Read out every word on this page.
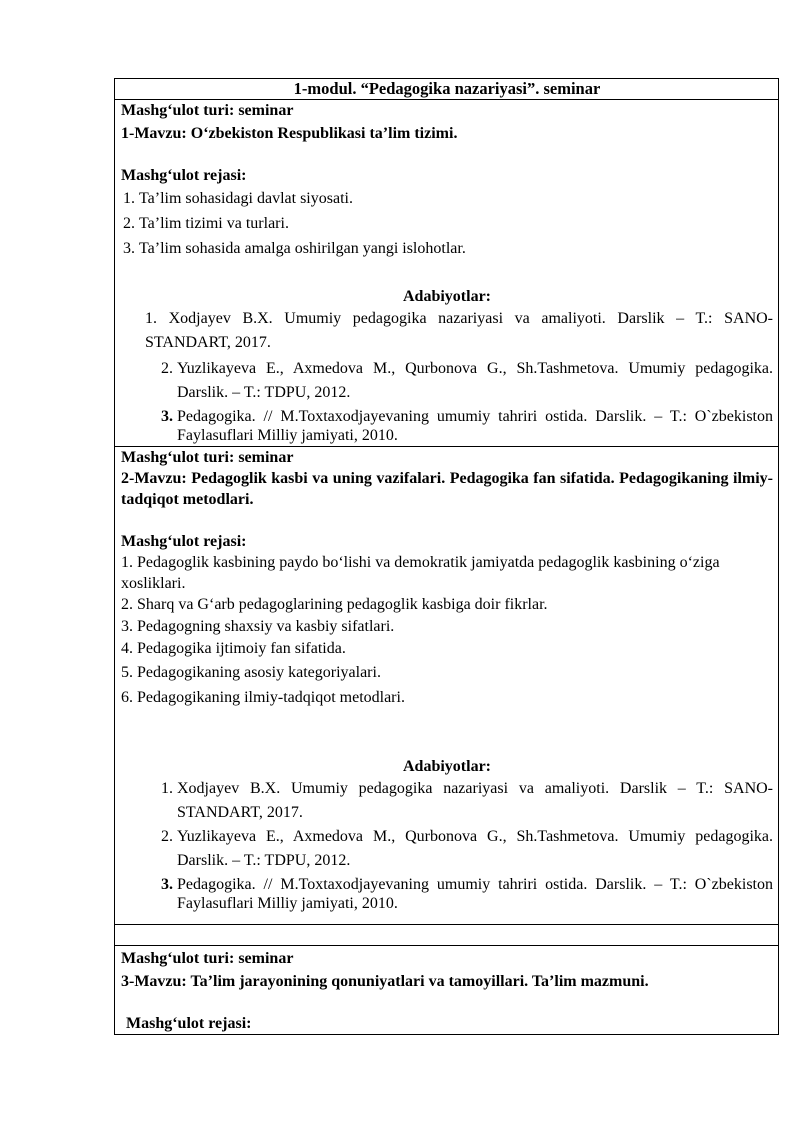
1-modul. “Pedagogika nazariyasi”. seminar

Mashg‘ulot turi: seminar
1-Mavzu: O‘zbekiston Respublikasi ta’lim tizimi.
Mashg‘ulot rejasi:
1. Ta’lim sohasidagi davlat siyosati.
2. Ta’lim tizimi va turlari.
3. Ta’lim sohasida amalga oshirilgan yangi islohotlar.
Adabiyotlar:
1. Xodjayev B.X. Umumiy pedagogika nazariyasi va amaliyoti. Darslik – T.: SANO-STANDART, 2017.
2. Yuzlikayeva E., Axmedova M., Qurbonova G., Sh.Tashmetova. Umumiy pedagogika. Darslik. – T.: TDPU, 2012.
3. Pedagogika. // M.Toxtaxodjayevaning umumiy tahriri ostida. Darslik. – T.: O`zbekiston Faylasuflari Milliy jamiyati, 2010.

Mashg‘ulot turi: seminar
2-Mavzu: Pedagoglik kasbi va uning vazifalari. Pedagogika fan sifatida. Pedagogikaning ilmiy-tadqiqot metodlari.
Mashg‘ulot rejasi:
1. Pedagoglik kasbining paydo bo‘lishi va demokratik jamiyatda pedagoglik kasbining o‘ziga xosliklari.
2. Sharq va G‘arb pedagoglarining pedagoglik kasbiga doir fikrlar.
3. Pedagogning shaxsiy va kasbiy sifatlari.
4. Pedagogika ijtimoiy fan sifatida.
5. Pedagogikaning asosiy kategoriyalari.
6. Pedagogikaning ilmiy-tadqiqot metodlari.
Adabiyotlar:
1. Xodjayev B.X. Umumiy pedagogika nazariyasi va amaliyoti. Darslik – T.: SANO-STANDART, 2017.
2. Yuzlikayeva E., Axmedova M., Qurbonova G., Sh.Tashmetova. Umumiy pedagogika. Darslik. – T.: TDPU, 2012.
3. Pedagogika. // M.Toxtaxodjayevaning umumiy tahriri ostida. Darslik. – T.: O`zbekiston Faylasuflari Milliy jamiyati, 2010.

Mashg‘ulot turi: seminar
3-Mavzu: Ta’lim jarayonining qonuniyatlari va tamoyillari. Ta’lim mazmuni.
Mashg‘ulot rejasi:
